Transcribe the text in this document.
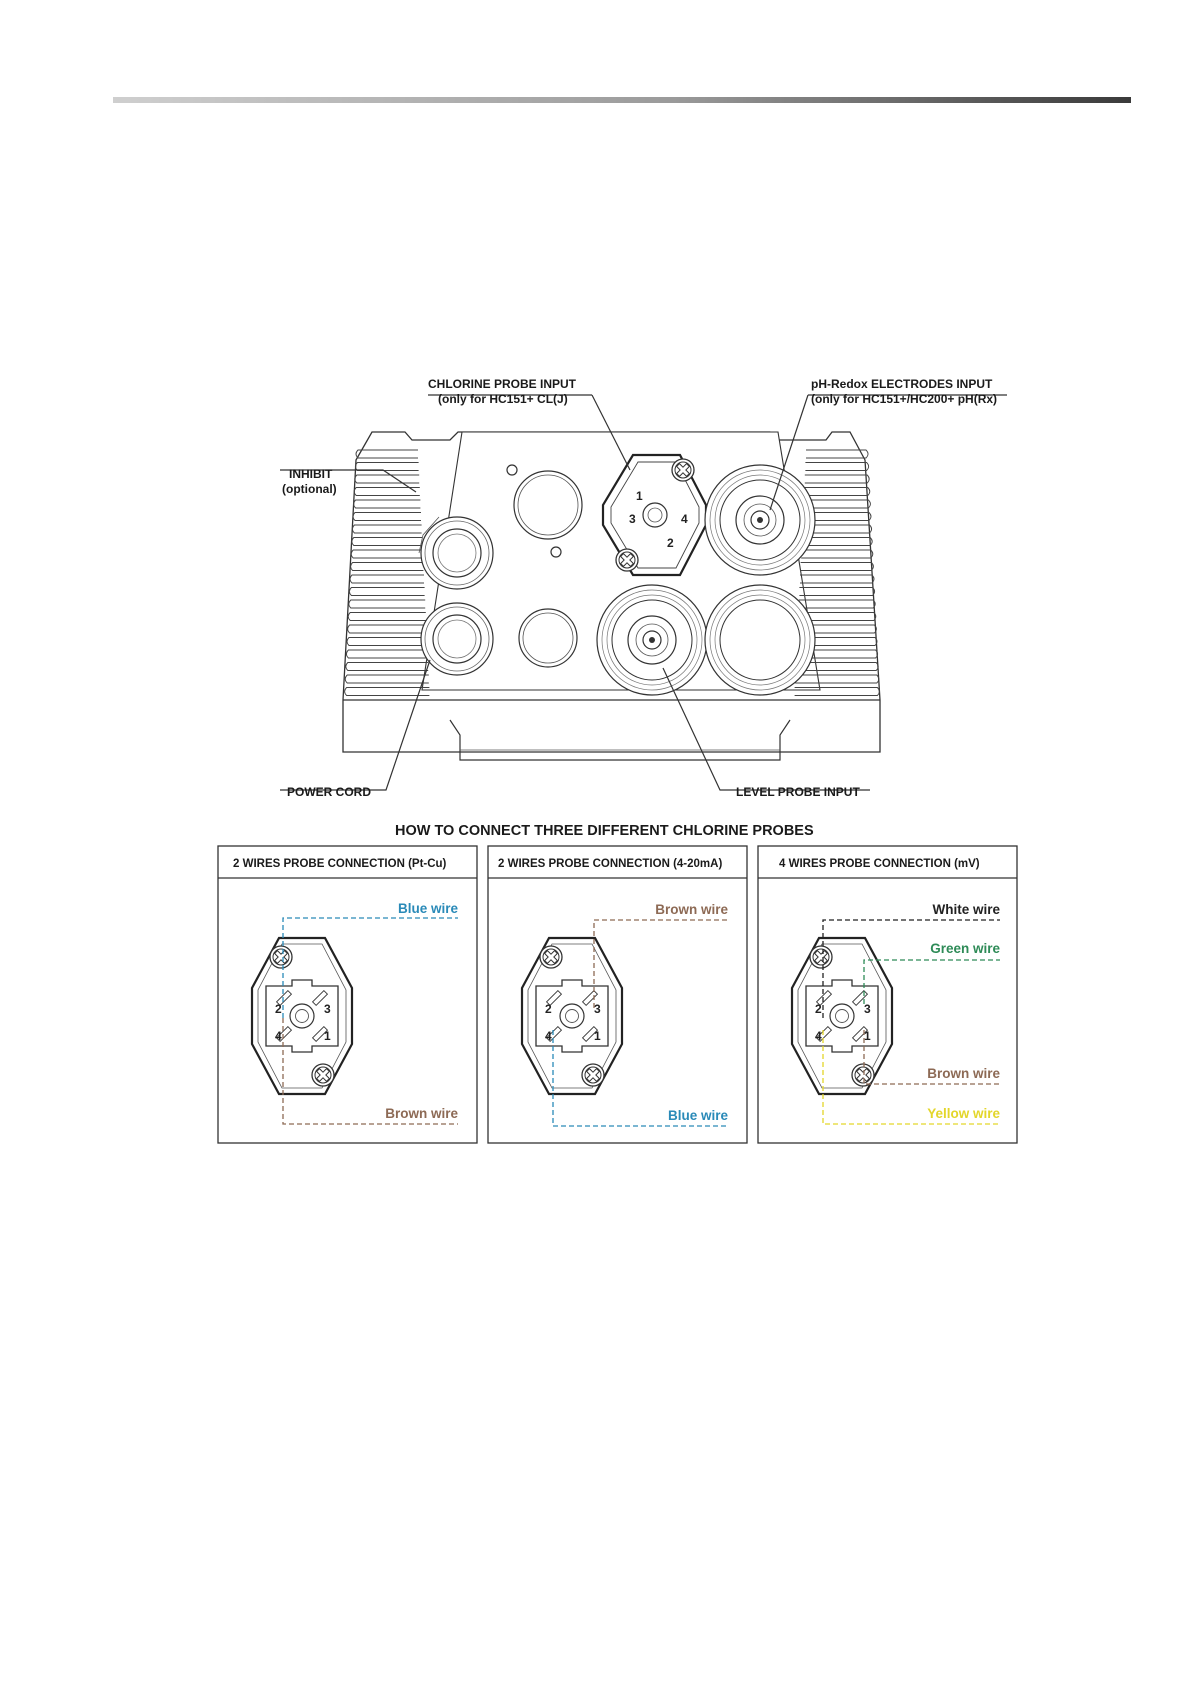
1
3	4
2
CHLORINE PROBE INPUT
(only for HC151+ CL(J)
pH-Redox ELECTRODES INPUT
(only for HC151+/HC200+ pH(Rx)
INHIBIT
(optional)
POWER CORD	LEVEL PROBE INPUT
HOW TO CONNECT THREE DIFFERENT CHLORINE PROBES
2 WIRES PROBE CONNECTION (Pt-Cu)	2 WIRES PROBE CONNECTION (4-20mA)	4 WIRES PROBE CONNECTION (mV)
2	3
4	1
2	3
4	1
2	3
4	1
Blue wire
Brown wire
Brown wire
Blue wire
White wire
Green wire
Brown wire
Yellow wire
